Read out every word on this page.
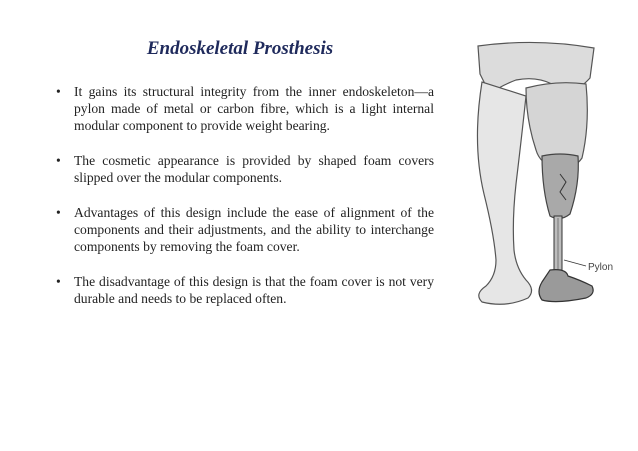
Endoskeletal Prosthesis
• It gains its structural integrity from the inner endoskeleton—a pylon made of metal or carbon fibre, which is a light internal modular component to provide weight bearing.
• The cosmetic appearance is provided by shaped foam covers slipped over the modular components.
• Advantages of this design include the ease of alignment of the components and their adjustments, and the ability to interchange components by removing the foam cover.
• The disadvantage of this design is that the foam cover is not very durable and needs to be replaced often.
Pylon
